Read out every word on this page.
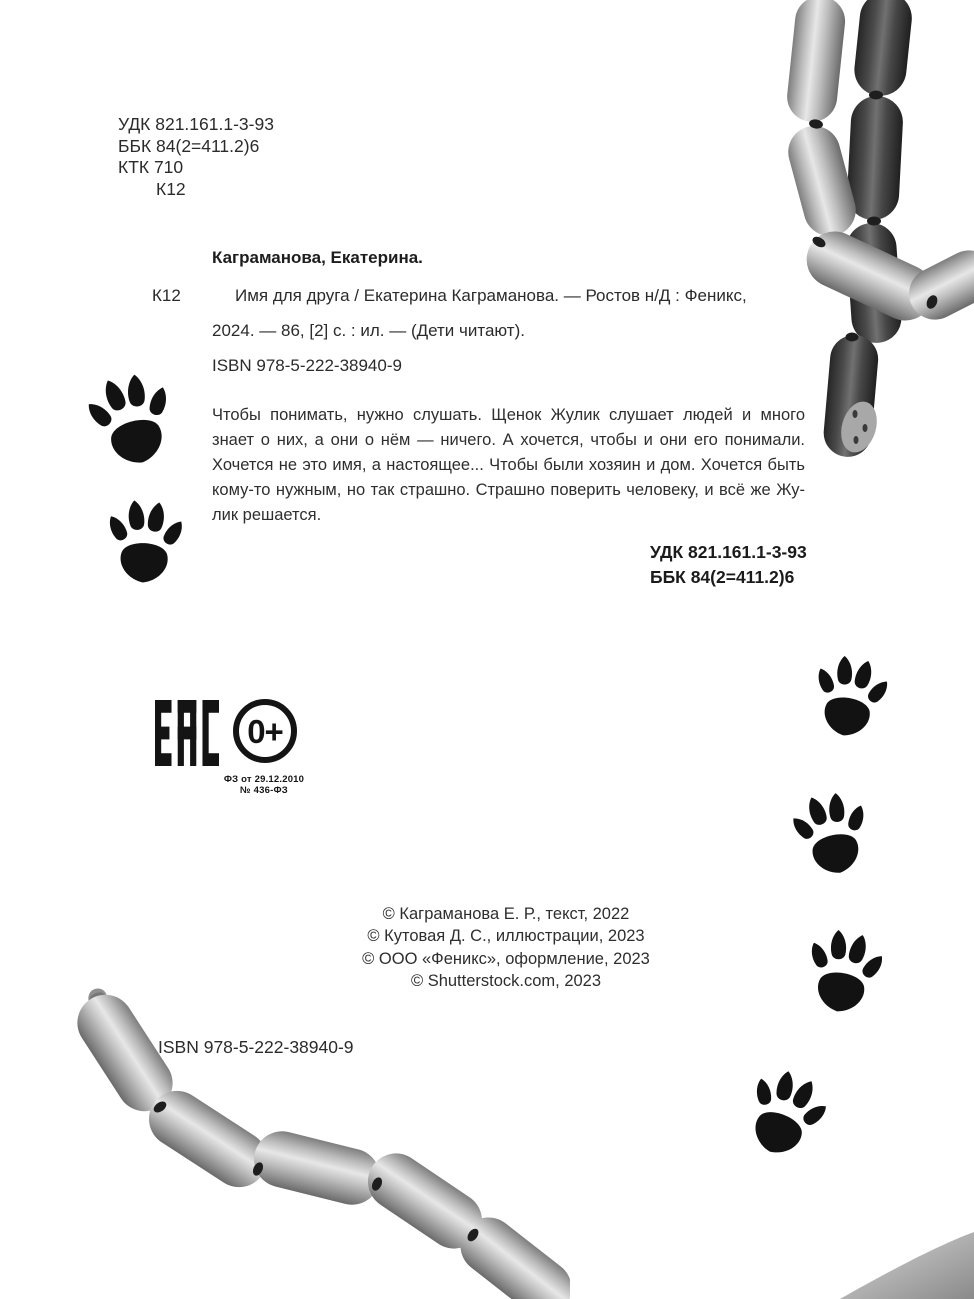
УДК 821.161.1-3-93
ББК 84(2=411.2)6
КТК 710
К12
Каграманова, Екатерина.
К12	Имя для друга / Екатерина Каграманова. — Ростов н/Д : Феникс,
2024. — 86, [2] с. : ил. — (Дети читают).
ISBN 978-5-222-38940-9
Чтобы понимать, нужно слушать. Щенок Жулик слушает людей и много
знает о них, а они о нём — ничего. А хочется, чтобы и они его понимали.
Хочется не это имя, а настоящее... Чтобы были хозяин и дом. Хочется быть
кому-то нужным, но так страшно. Страшно поверить человеку, и всё же Жу-
лик решается.
УДК 821.161.1-3-93
ББК 84(2=411.2)6
0+
ФЗ от 29.12.2010
№ 436-ФЗ
© Каграманова Е. Р., текст, 2022
© Кутовая Д. С., иллюстрации, 2023
© ООО «Феникс», оформление, 2023
© Shutterstock.com, 2023
ISBN 978-5-222-38940-9
